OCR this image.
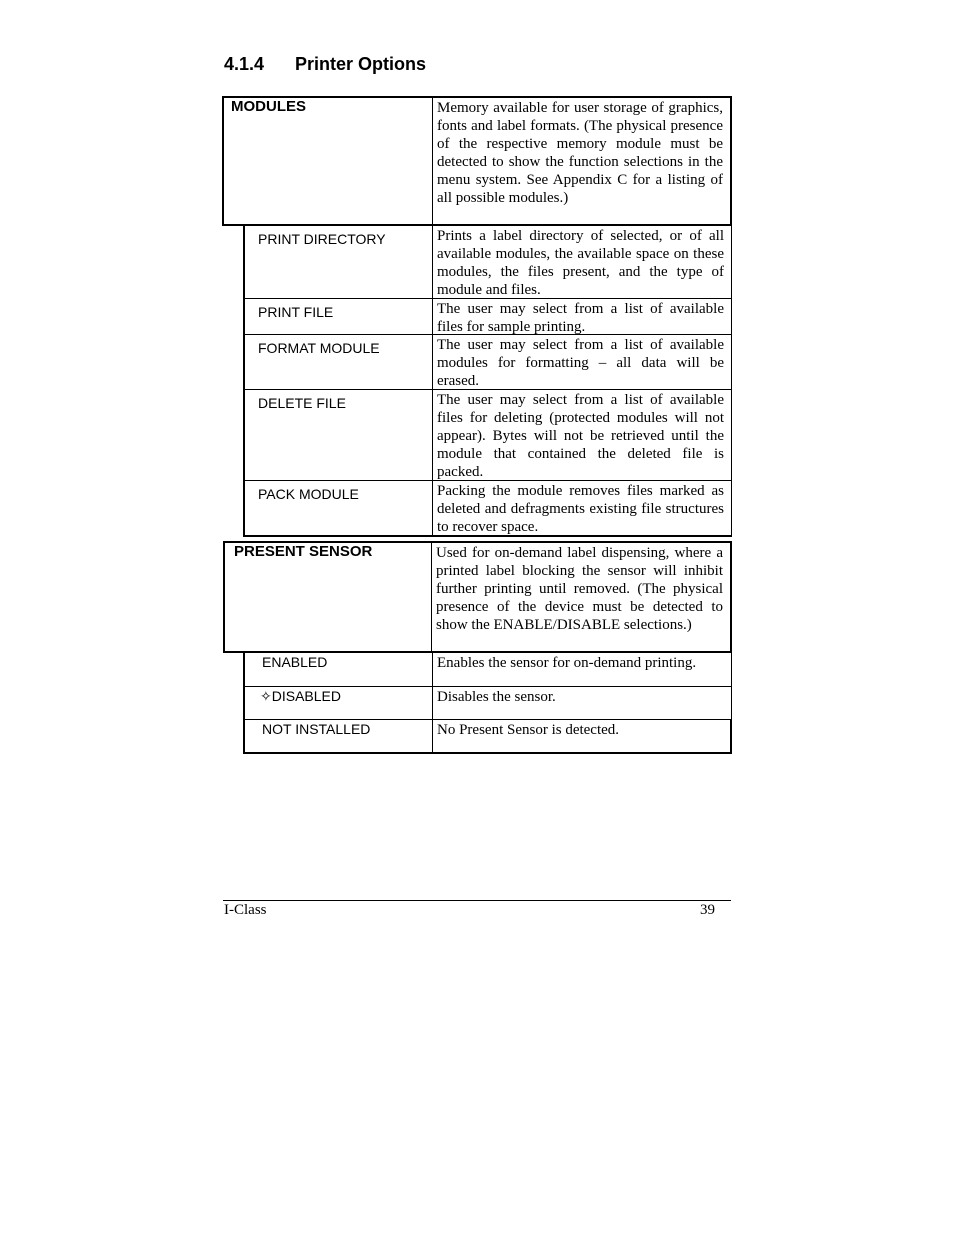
4.1.4 Printer Options
MODULES	Memory available for user storage of graphics, fonts and label formats. (The physical presence of the respective memory module must be detected to show the function selections in the menu system. See Appendix C for a listing of all possible modules.)
PRINT DIRECTORY	Prints a label directory of selected, or of all available modules, the available space on these modules, the files present, and the type of module and files.
PRINT FILE	The user may select from a list of available files for sample printing.
FORMAT MODULE	The user may select from a list of available modules for formatting – all data will be erased.
DELETE FILE	The user may select from a list of available files for deleting (protected modules will not appear). Bytes will not be retrieved until the module that contained the deleted file is packed.
PACK MODULE	Packing the module removes files marked as deleted and defragments existing file structures to recover space.
PRESENT SENSOR	Used for on-demand label dispensing, where a printed label blocking the sensor will inhibit further printing until removed. (The physical presence of the device must be detected to show the ENABLE/DISABLE selections.)
ENABLED	Enables the sensor for on-demand printing.
✧DISABLED	Disables the sensor.
NOT INSTALLED	No Present Sensor is detected.
I-Class	39
